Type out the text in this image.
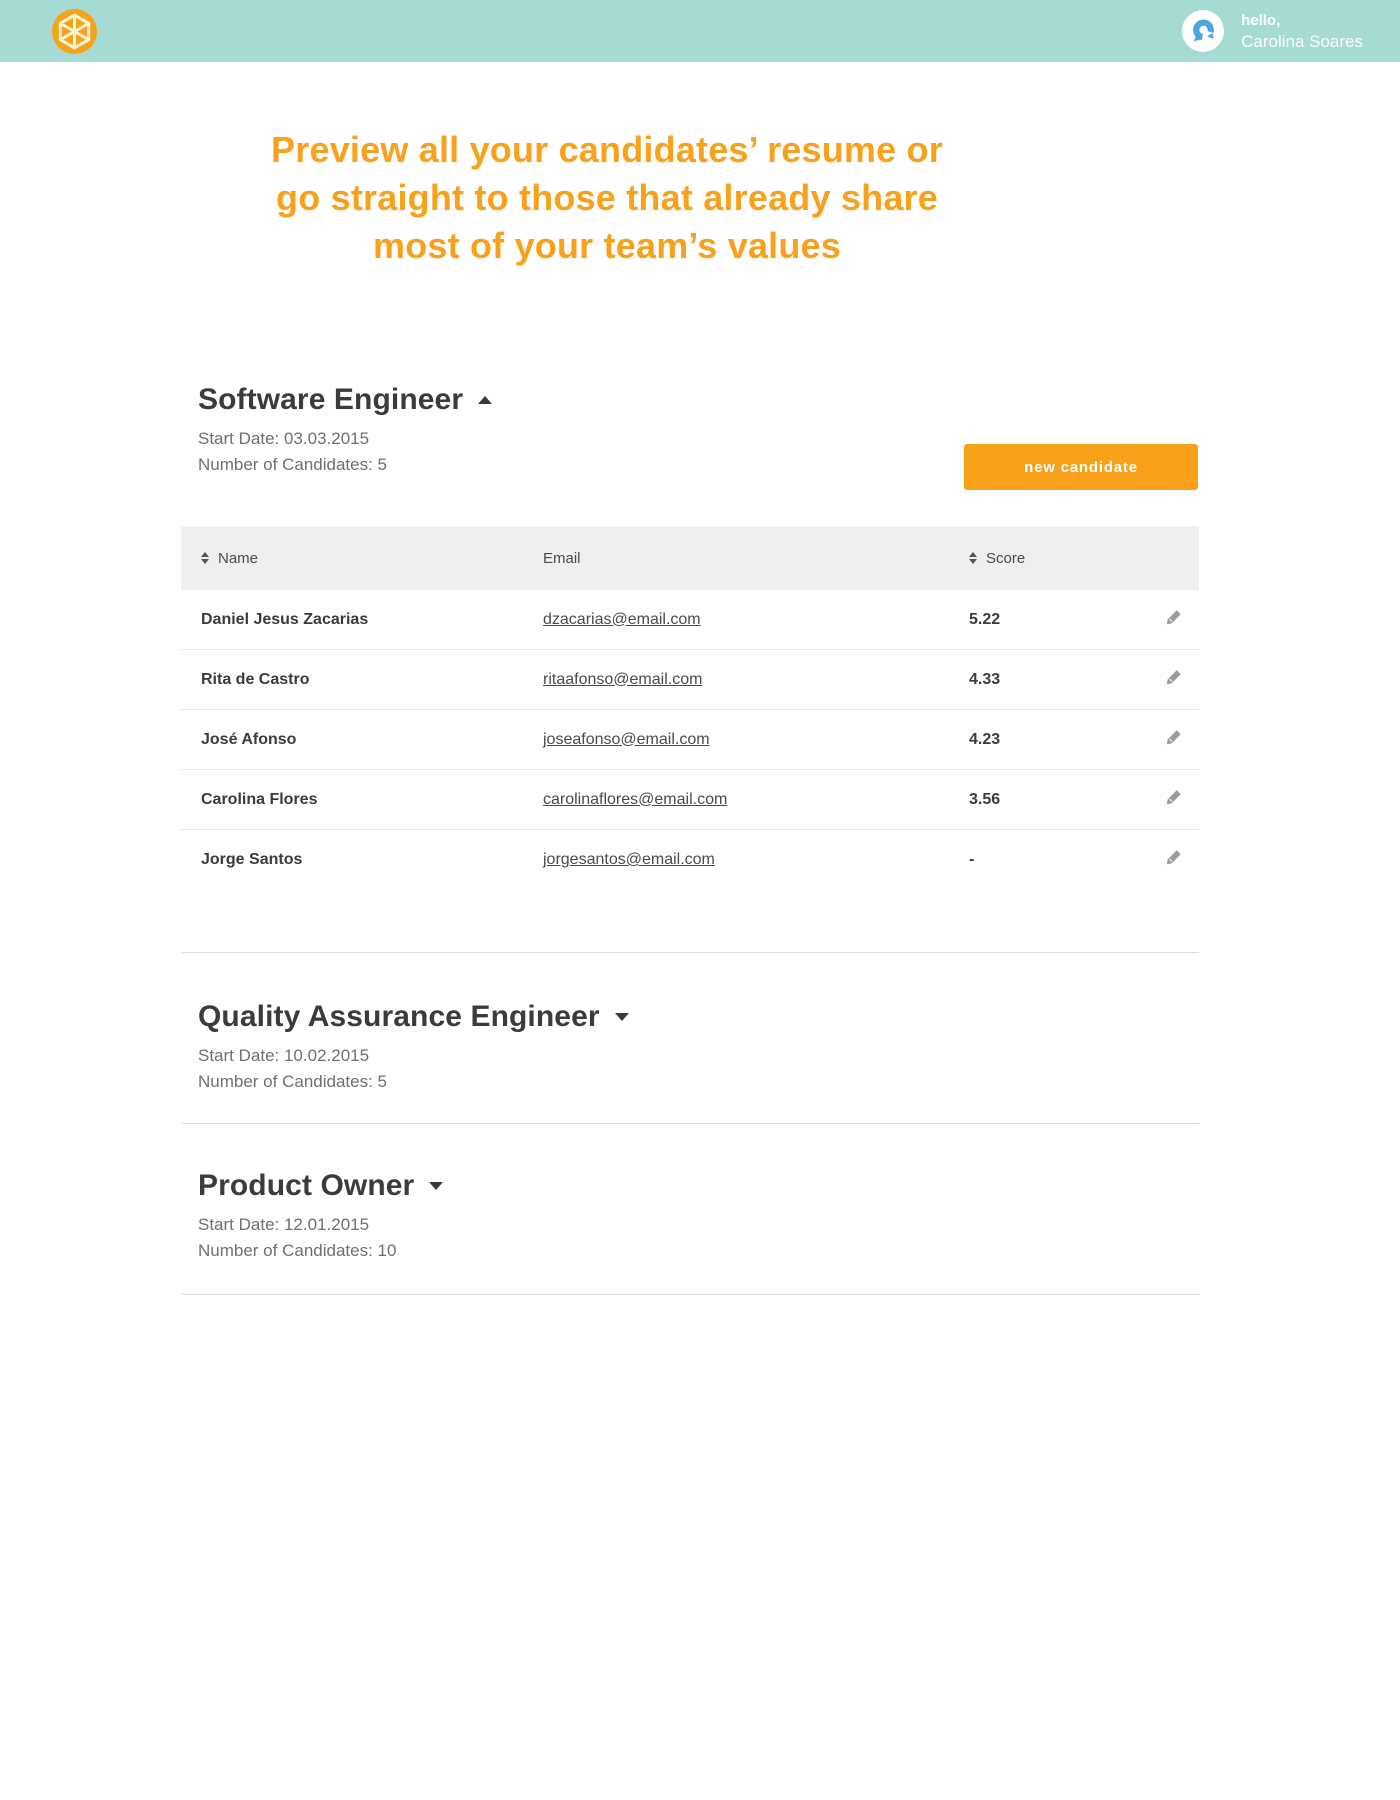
hello,
Carolina Soares
Preview all your candidates’ resume or
go straight to those that already share
most of your team’s values
Software Engineer
Start Date: 03.03.2015
Number of Candidates: 5	new candidate
Name	Email	Score
Daniel Jesus Zacarias	dzacarias@email.com	5.22
Rita de Castro	ritaafonso@email.com	4.33
José Afonso	joseafonso@email.com	4.23
Carolina Flores	carolinaflores@email.com	3.56
Jorge Santos	jorgesantos@email.com	-
Quality Assurance Engineer
Start Date: 10.02.2015
Number of Candidates: 5
Product Owner
Start Date: 12.01.2015
Number of Candidates: 10
